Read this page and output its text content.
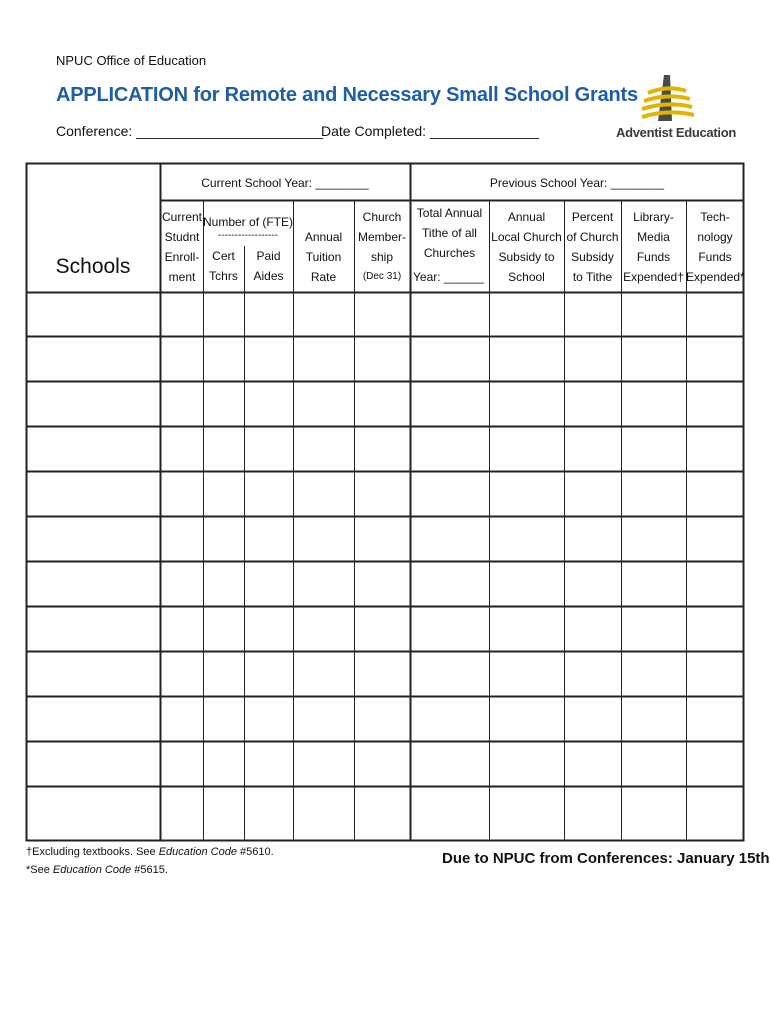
NPUC Office of Education
APPLICATION for Remote and Necessary Small School Grants
Conference: ________________________
Date Completed: ______________	Adventist Education
Current School Year: ________	Previous School Year: ________
Schools
Current
Studnt
Enroll-
ment
Number of (FTE)
------------------
Cert
Tchrs
Paid
Aides
Annual
Tuition
Rate
Church
Member-
ship
(Dec 31)
Total Annual
Tithe of all
Churches
Year: ______
Annual
Local Church
Subsidy to
School
Percent
of Church
Subsidy
to Tithe
Library-
Media
Funds
Expended†
Tech-
nology
Funds
Expended*
†Excluding textbooks. See Education Code #5610.
*See Education Code #5615.
Due to NPUC from Conferences: January 15th
